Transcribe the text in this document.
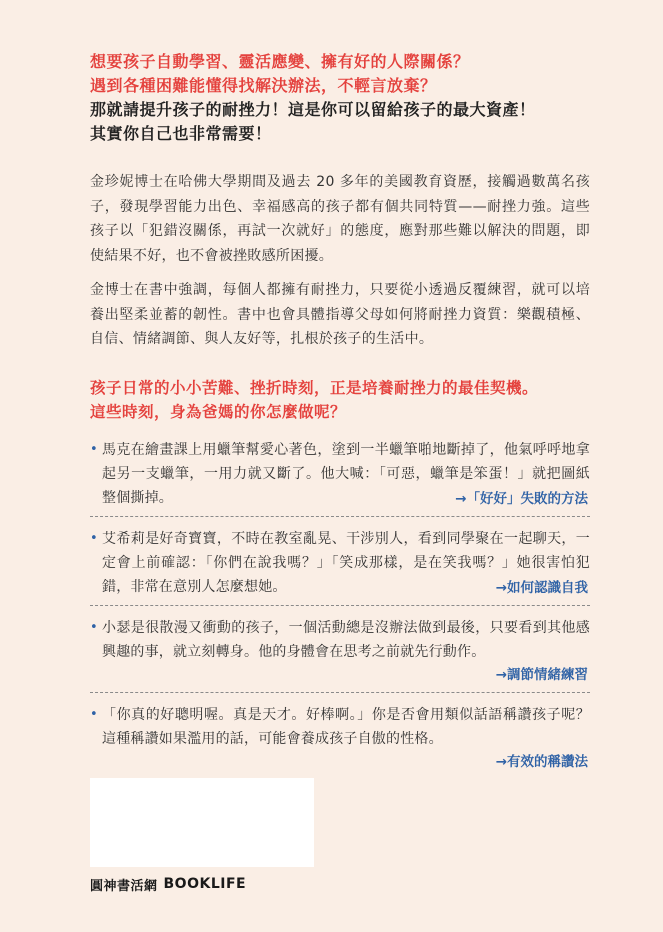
想要孩子自動學習、靈活應變、擁有好的人際關係？

遇到各種困難能懂得找解決辦法，不輕言放棄？

那就請提升孩子的耐挫力！這是你可以留給孩子的最大資產！

其實你自己也非常需要！

金珍妮博士在哈佛大學期間及過去 20 多年的美國教育資歷，接觸過數萬名孩子，發現學習能力出色、幸福感高的孩子都有個共同特質——耐挫力強。這些孩子以「犯錯沒關係，再試一次就好」的態度，應對那些難以解決的問題，即使結果不好，也不會被挫敗感所困擾。

金博士在書中強調，每個人都擁有耐挫力，只要從小透過反覆練習，就可以培養出堅柔並蓄的韌性。書中也會具體指導父母如何將耐挫力資質：樂觀積極、自信、情緒調節、與人友好等，扎根於孩子的生活中。

孩子日常的小小苦難、挫折時刻，正是培養耐挫力的最佳契機。

這些時刻，身為爸媽的你怎麼做呢？

• 馬克在繪畫課上用蠟筆幫愛心著色，塗到一半蠟筆啪地斷掉了，他氣呼呼地拿起另一支蠟筆，一用力就又斷了。他大喊：「可惡，蠟筆是笨蛋！」就把圖紙整個撕掉。	→「好好」失敗的方法
• 艾希莉是好奇寶寶，不時在教室亂晃、干涉別人，看到同學聚在一起聊天，一定會上前確認：「你們在說我嗎？」「笑成那樣，是在笑我嗎？」她很害怕犯錯，非常在意別人怎麼想她。	→如何認識自我
• 小瑟是很散漫又衝動的孩子，一個活動總是沒辦法做到最後，只要看到其他感興趣的事，就立刻轉身。他的身體會在思考之前就先行動作。

→調節情緒練習
• 「你真的好聰明喔。真是天才。好棒啊。」你是否會用類似話語稱讚孩子呢？這種稱讚如果濫用的話，可能會養成孩子自傲的性格。

→有效的稱讚法
圓神書活網 BOOKLIFE
